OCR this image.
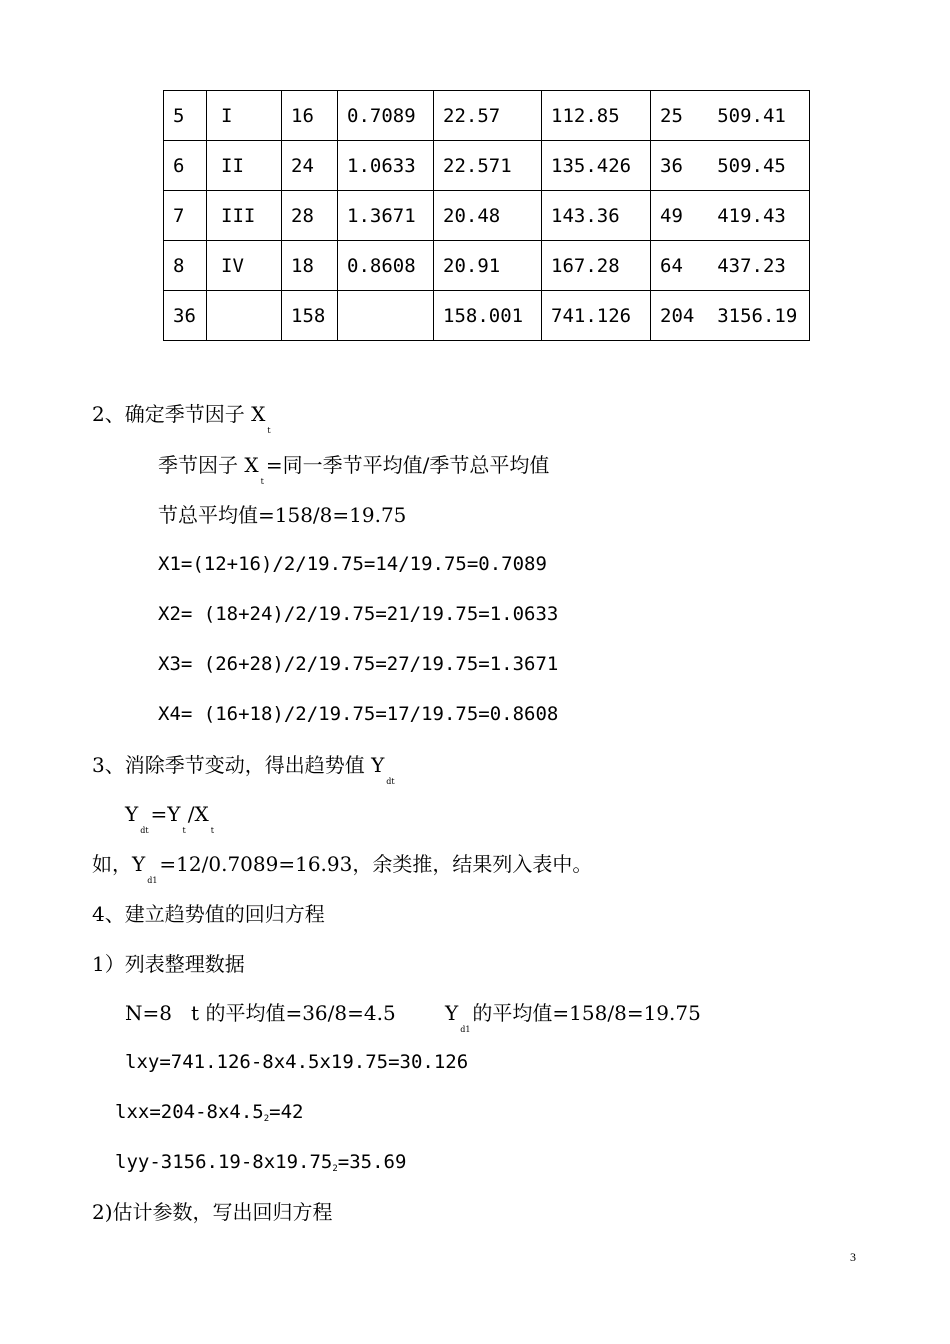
5	I	16	0.7089	22.57	112.85	25   509.41
6	II	24	1.0633	22.571	135.426	36   509.45
7	III	28	1.3671	20.48	143.36	49   419.43
8	IV	18	0.8608	20.91	167.28	64   437.23
36		158		158.001	741.126	204  3156.19
2、确定季节因子 $X_t$
季节因子 $X_t=$同一季节平均值/季节总平均值
节总平均值=158/8=19.75
X1=(12+16)/2/19.75=14/19.75=0.7089
X2= (18+24)/2/19.75=21/19.75=1.0633
X3= (26+28)/2/19.75=27/19.75=1.3671
X4= (16+18)/2/19.75=17/19.75=0.8608
3、消除季节变动，得出趋势值 $Y_{dt}$
$Y_{dt}=Y_t/X_t$
如，$Y_{d1}=12/0.7089=16.93$，余类推，结果列入表中。
4、建立趋势值的回归方程
1）列表整理数据
N=8   t 的平均值=36/8=4.5 $Y_{d1}$的平均值=158/8=19.75
lxy=741.126-8x4.5x19.75=30.126
lxx=204-8x4.52=42
lyy-3156.19-8x19.752=35.69
2)估计参数，写出回归方程
3
